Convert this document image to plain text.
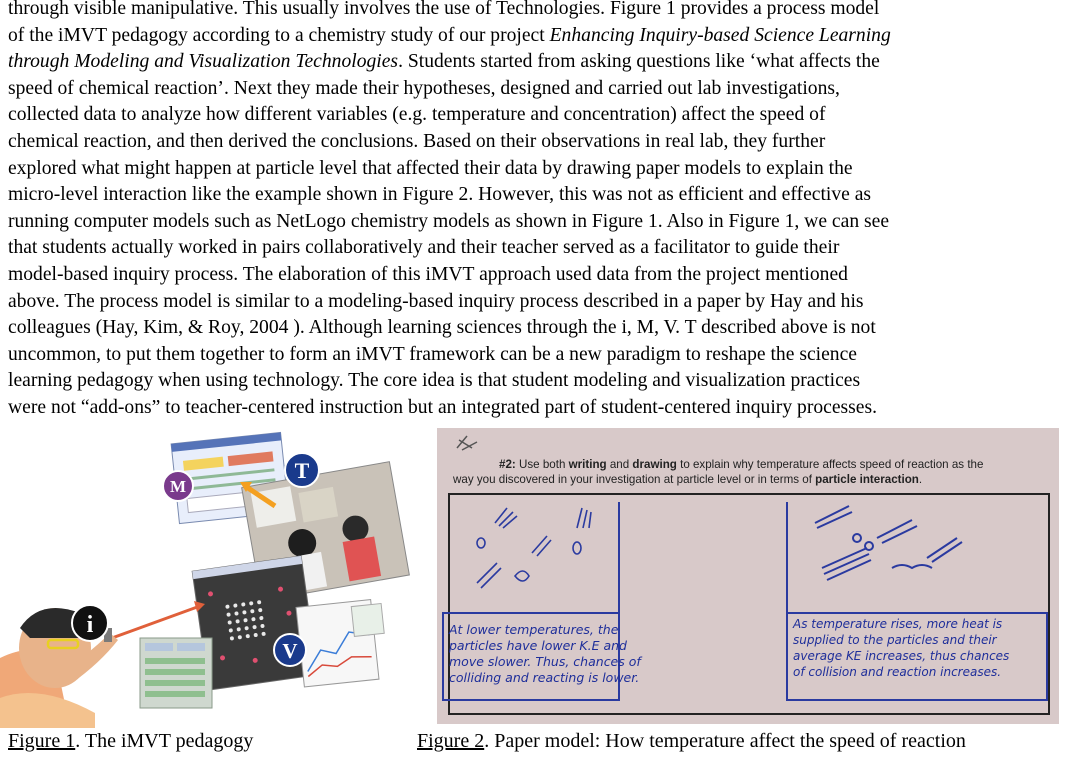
through visible manipulative. This usually involves the use of Technologies. Figure 1 provides a process model
of the iMVT pedagogy according to a chemistry study of our project Enhancing Inquiry-based Science Learning
through Modeling and Visualization Technologies. Students started from asking questions like ‘what affects the
speed of chemical reaction’. Next they made their hypotheses, designed and carried out lab investigations,
collected data to analyze how different variables (e.g. temperature and concentration) affect the speed of
chemical reaction, and then derived the conclusions. Based on their observations in real lab, they further
explored what might happen at particle level that affected their data by drawing paper models to explain the
micro-level interaction like the example shown in Figure 2. However, this was not as efficient and effective as
running computer models such as NetLogo chemistry models as shown in Figure 1. Also in Figure 1, we can see
that students actually worked in pairs collaboratively and their teacher served as a facilitator to guide their
model-based inquiry process. The elaboration of this iMVT approach used data from the project mentioned
above. The process model is similar to a modeling-based inquiry process described in a paper by Hay and his
colleagues (Hay, Kim, & Roy, 2004 ). Although learning sciences through the i, M, V. T described above is not
uncommon, to put them together to form an iMVT framework can be a new paradigm to reshape the science
learning pedagogy when using technology. The core idea is that student modeling and visualization practices
were not “add-ons” to teacher-centered instruction but an integrated part of student-centered inquiry processes.
M
T
V
i
#2: Use both writing and drawing to explain why temperature affects speed of reaction as the way you discovered in your investigation at particle level or in terms of particle interaction.
At lower temperatures, the particles have lower K.E and move slower. Thus, chances of colliding and reacting is lower.
As temperature rises, more heat is supplied to the particles and their average KE increases, thus chances of collision and reaction increases.
Figure 1. The iMVT pedagogy	Figure 2. Paper model: How temperature affect the speed of reaction
